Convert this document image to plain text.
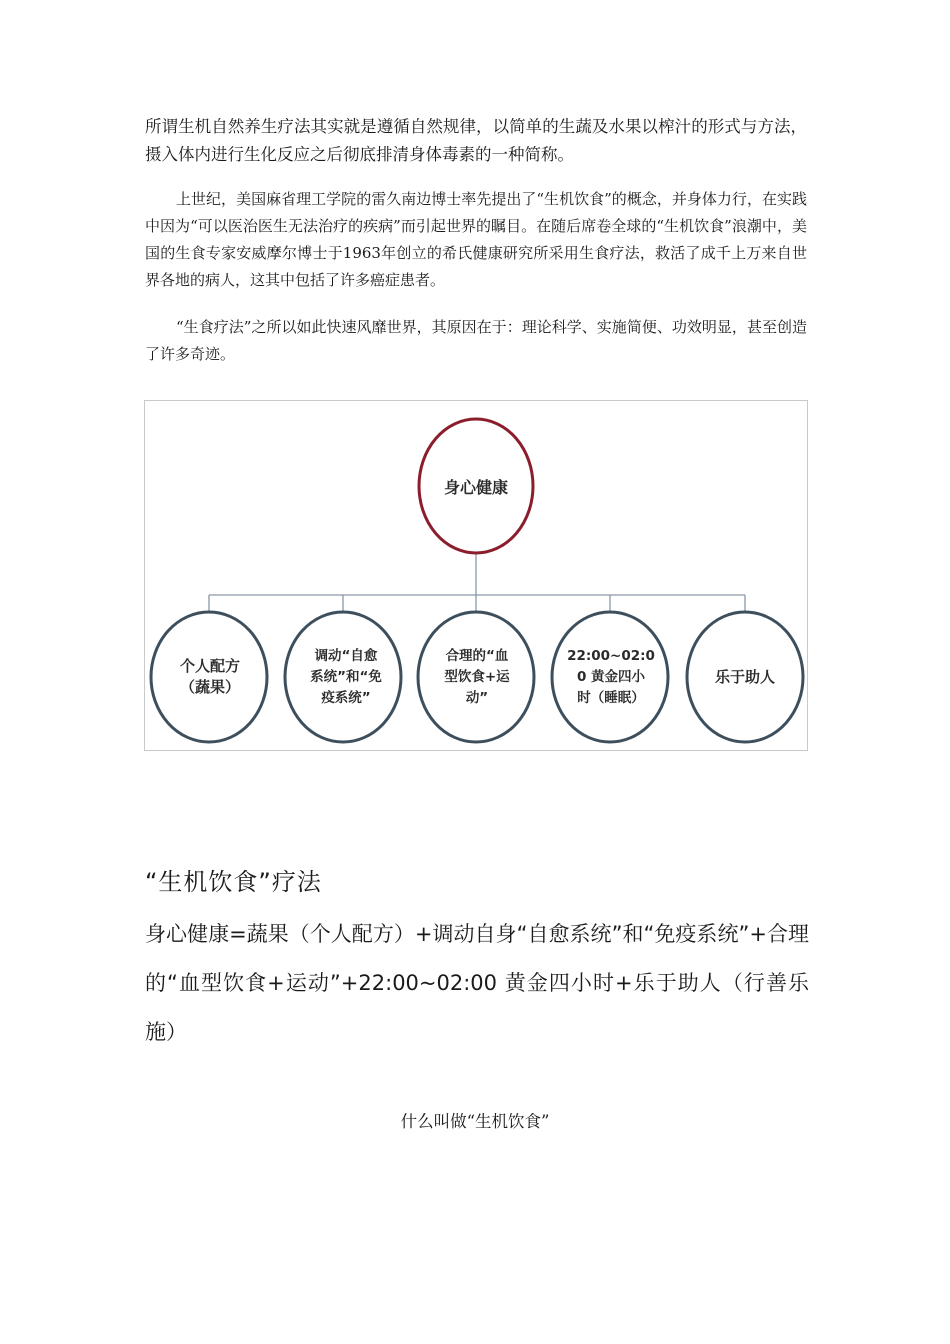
所谓生机自然养生疗法其实就是遵循自然规律，以简单的生蔬及水果以榨汁的形式与方法，摄入体内进行生化反应之后彻底排清身体毒素的一种简称。

上世纪，美国麻省理工学院的雷久南边博士率先提出了“生机饮食”的概念，并身体力行，在实践中因为“可以医治医生无法治疗的疾病”而引起世界的瞩目。在随后席卷全球的“生机饮食”浪潮中，美国的生食专家安威摩尔博士于1963年创立的希氏健康研究所采用生食疗法，救活了成千上万来自世界各地的病人，这其中包括了许多癌症患者。

“生食疗法”之所以如此快速风靡世界，其原因在于：理论科学、实施简便、功效明显，甚至创造了许多奇迹。

身心健康
个人配方
（蔬果）
调动“自愈
系统”和“免
疫系统”
合理的“血
型饮食+运
动”
22:00~02:0
0 黄金四小
时（睡眠）
乐于助人
“生机饮食”疗法

身心健康=蔬果（个人配方）+调动自身“自愈系统”和“免疫系统”+合理的“血型饮食+运动”+22:00~02:00 黄金四小时+乐于助人（行善乐施）

什么叫做“生机饮食”
